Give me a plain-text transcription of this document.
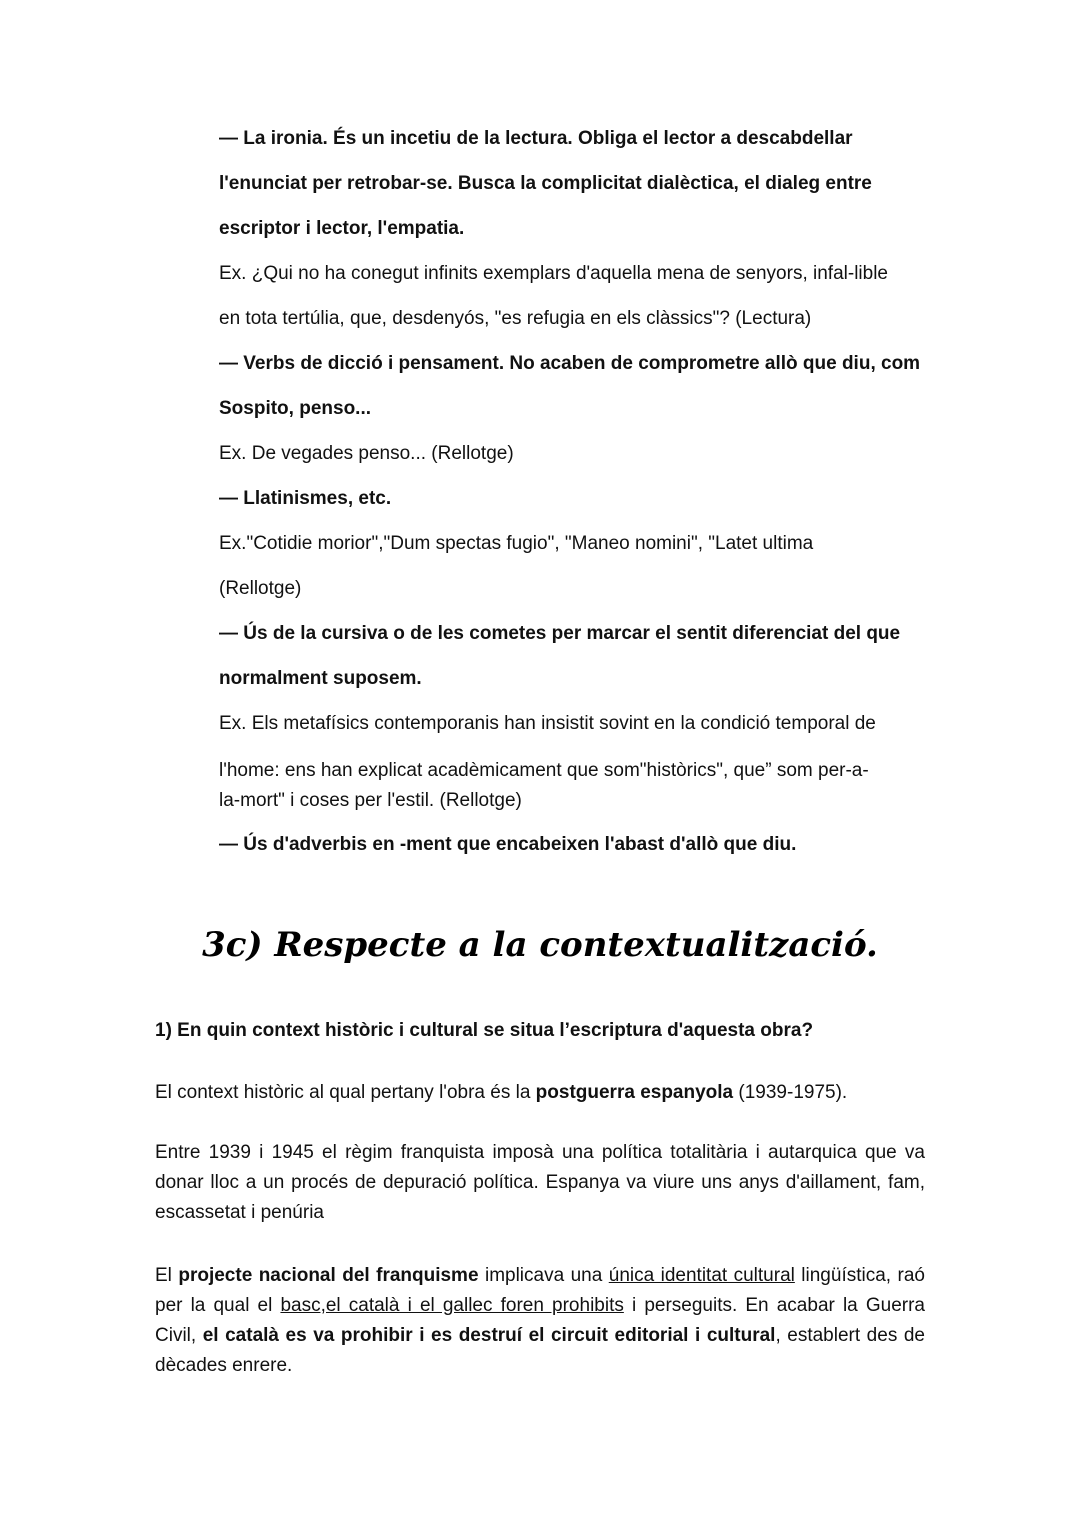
— La ironia. És un incetiu de la lectura. Obliga el lector a descabdellar
l'enunciat per retrobar-se. Busca la complicitat dialèctica, el dialeg entre
escriptor i lector, l'empatia.
Ex. ¿Qui no ha conegut infinits exemplars d'aquella mena de senyors, infal-lible
en tota tertúlia, que, desdenyós, "es refugia en els clàssics"? (Lectura)
— Verbs de dicció i pensament. No acaben de comprometre allò que diu, com
Sospito, penso...
Ex. De vegades penso... (Rellotge)
— Llatinismes, etc.
Ex."Cotidie morior","Dum spectas fugio", "Maneo nomini", "Latet ultima
(Rellotge)
— Ús de la cursiva o de les cometes per marcar el sentit diferenciat del que
normalment suposem.
Ex. Els metafísics contemporanis han insistit sovint en la condició temporal de
l'home: ens han explicat acadèmicament que som"històrics", que” som per-a-
la-mort" i coses per l'estil. (Rellotge)
— Ús d'adverbis en -ment que encabeixen l'abast d'allò que diu.
3c) Respecte a la contextualització.
1) En quin context històric i cultural se situa l’escriptura d'aquesta obra?
El context històric al qual pertany l'obra és la postguerra espanyola (1939-1975).
Entre 1939 i 1945 el règim franquista imposà una política totalitària i autarquica que va donar lloc a un procés de depuració política. Espanya va viure uns anys d'aillament, fam, escassetat i penúria
El projecte nacional del franquisme implicava una única identitat cultural lingüística, raó per la qual el basc,el català i el gallec foren prohibits i perseguits. En acabar la Guerra Civil, el català es va prohibir i es destruí el circuit editorial i cultural, establert des de dècades enrere.
